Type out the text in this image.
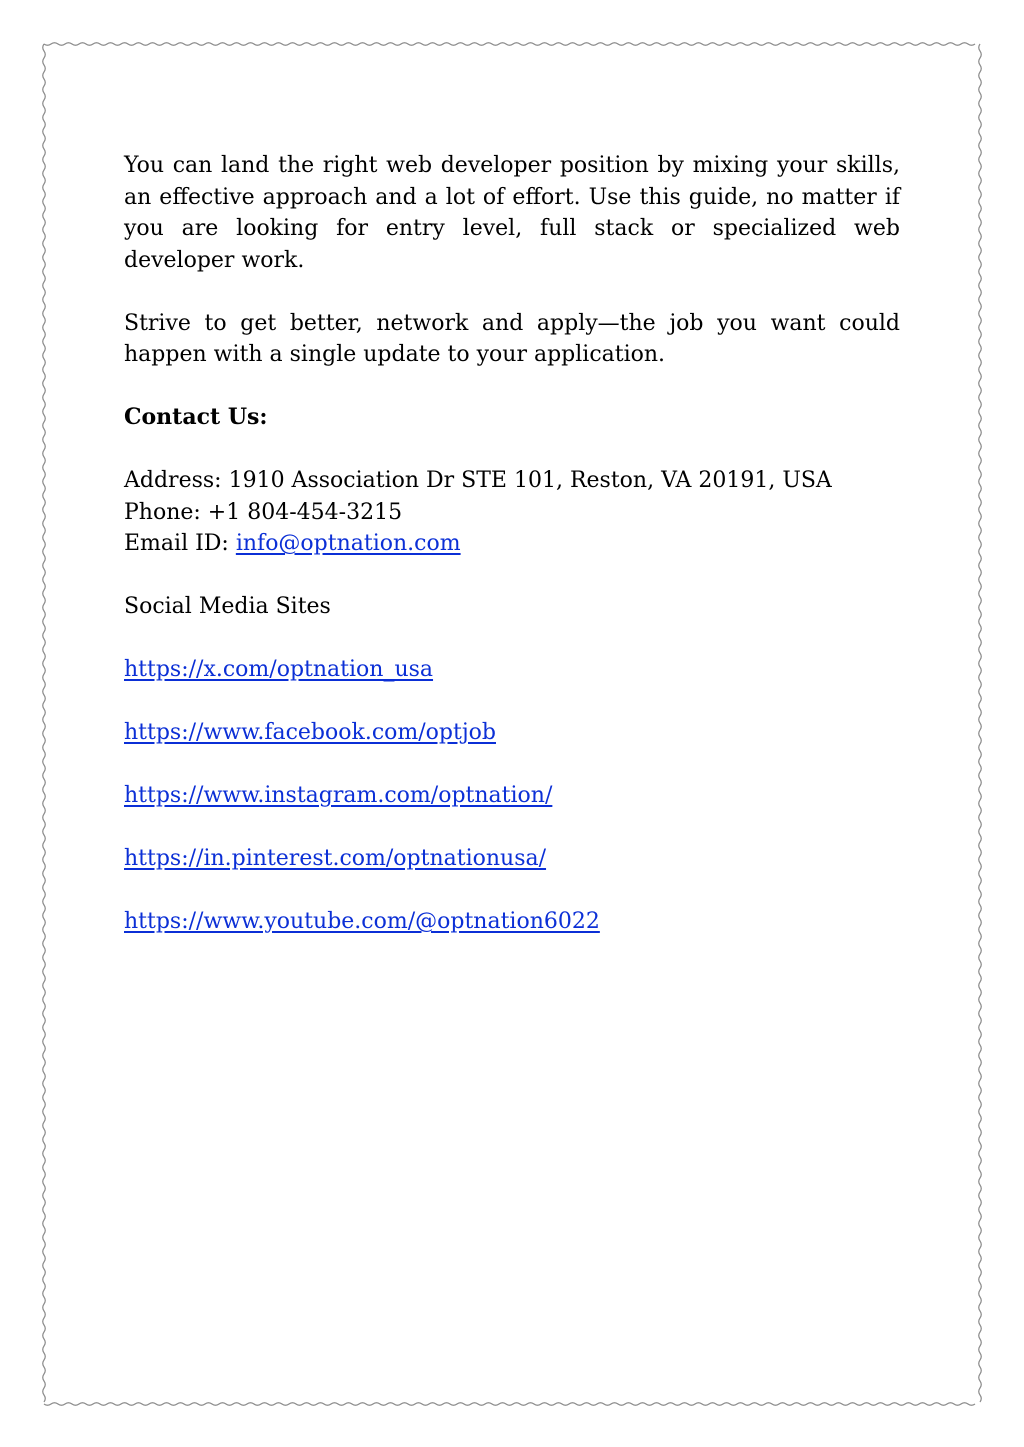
You can land the right web developer position by mixing your skills, an effective approach and a lot of effort. Use this guide, no matter if you are looking for entry level, full stack or specialized web developer work.

Strive to get better, network and apply—the job you want could happen with a single update to your application.

Contact Us:

Address: 1910 Association Dr STE 101, Reston, VA 20191, USA
Phone: +1 804-454-3215
Email ID: info@optnation.com

Social Media Sites

https://x.com/optnation_usa

https://www.facebook.com/optjob

https://www.instagram.com/optnation/

https://in.pinterest.com/optnationusa/

https://www.youtube.com/@optnation6022
